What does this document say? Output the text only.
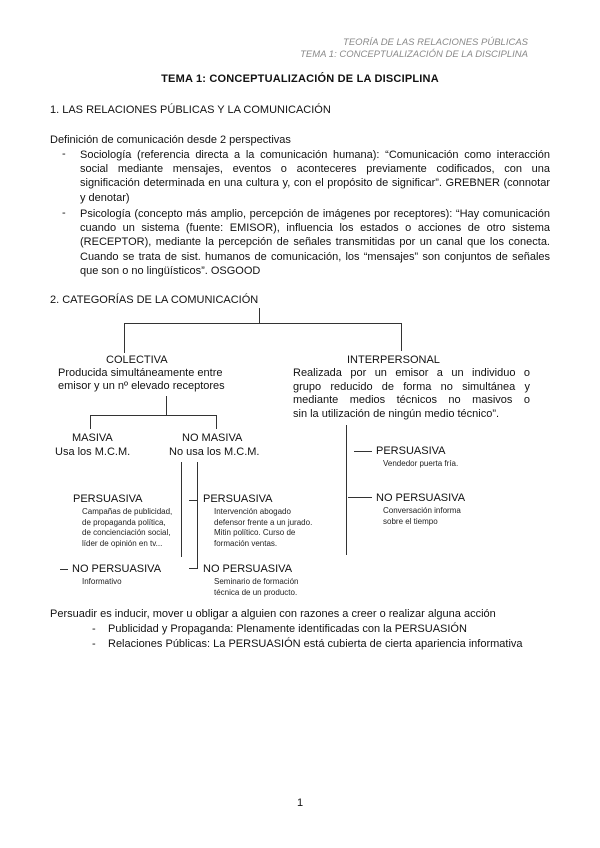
TEORÍA DE LAS RELACIONES PÚBLICAS
TEMA 1: CONCEPTUALIZACIÓN DE LA DISCIPLINA
TEMA 1: CONCEPTUALIZACIÓN DE LA DISCIPLINA
1. LAS RELACIONES PÚBLICAS Y LA COMUNICACIÓN
Definición de comunicación desde 2 perspectivas
- Sociología (referencia directa a la comunicación humana): “Comunicación como interacción
social mediante mensajes, eventos o aconteceres previamente codificados, con una
significación determinada en una cultura y, con el propósito de significar”. GREBNER (connotar
y denotar)
- Psicología (concepto más amplio, percepción de imágenes por receptores): “Hay comunicación
cuando un sistema (fuente: EMISOR), influencia los estados o acciones de otro sistema
(RECEPTOR), mediante la percepción de señales transmitidas por un canal que los conecta.
Cuando se trata de sist. humanos de comunicación, los “mensajes” son conjuntos de señales
que son o no lingüísticos”. OSGOOD
2. CATEGORÍAS DE LA COMUNICACIÓN
COLECTIVA
Producida simultáneamente entre
emisor y un nº elevado receptores
INTERPERSONAL
Realizada por un emisor a un individuo o
grupo reducido de forma no simultánea y
mediante medios técnicos no masivos o
sin la utilización de ningún medio técnico”.
MASIVA
Usa los M.C.M.
NO MASIVA
No usa los M.C.M.
PERSUASIVA
Campañas de publicidad,
de propaganda política,
de concienciación social,
líder de opinión en tv...
NO PERSUASIVA
Informativo
PERSUASIVA
Intervención abogado
defensor frente a un jurado.
Mitin político. Curso de
formación ventas.
NO PERSUASIVA
Seminario de formación
técnica de un producto.
PERSUASIVA
Vendedor puerta fría.
NO PERSUASIVA
Conversación informa
sobre el tiempo
Persuadir es inducir, mover u obligar a alguien con razones a creer o realizar alguna acción
- Publicidad y Propaganda: Plenamente identificadas con la PERSUASIÓN
- Relaciones Públicas: La PERSUASIÓN está cubierta de cierta apariencia informativa
1
